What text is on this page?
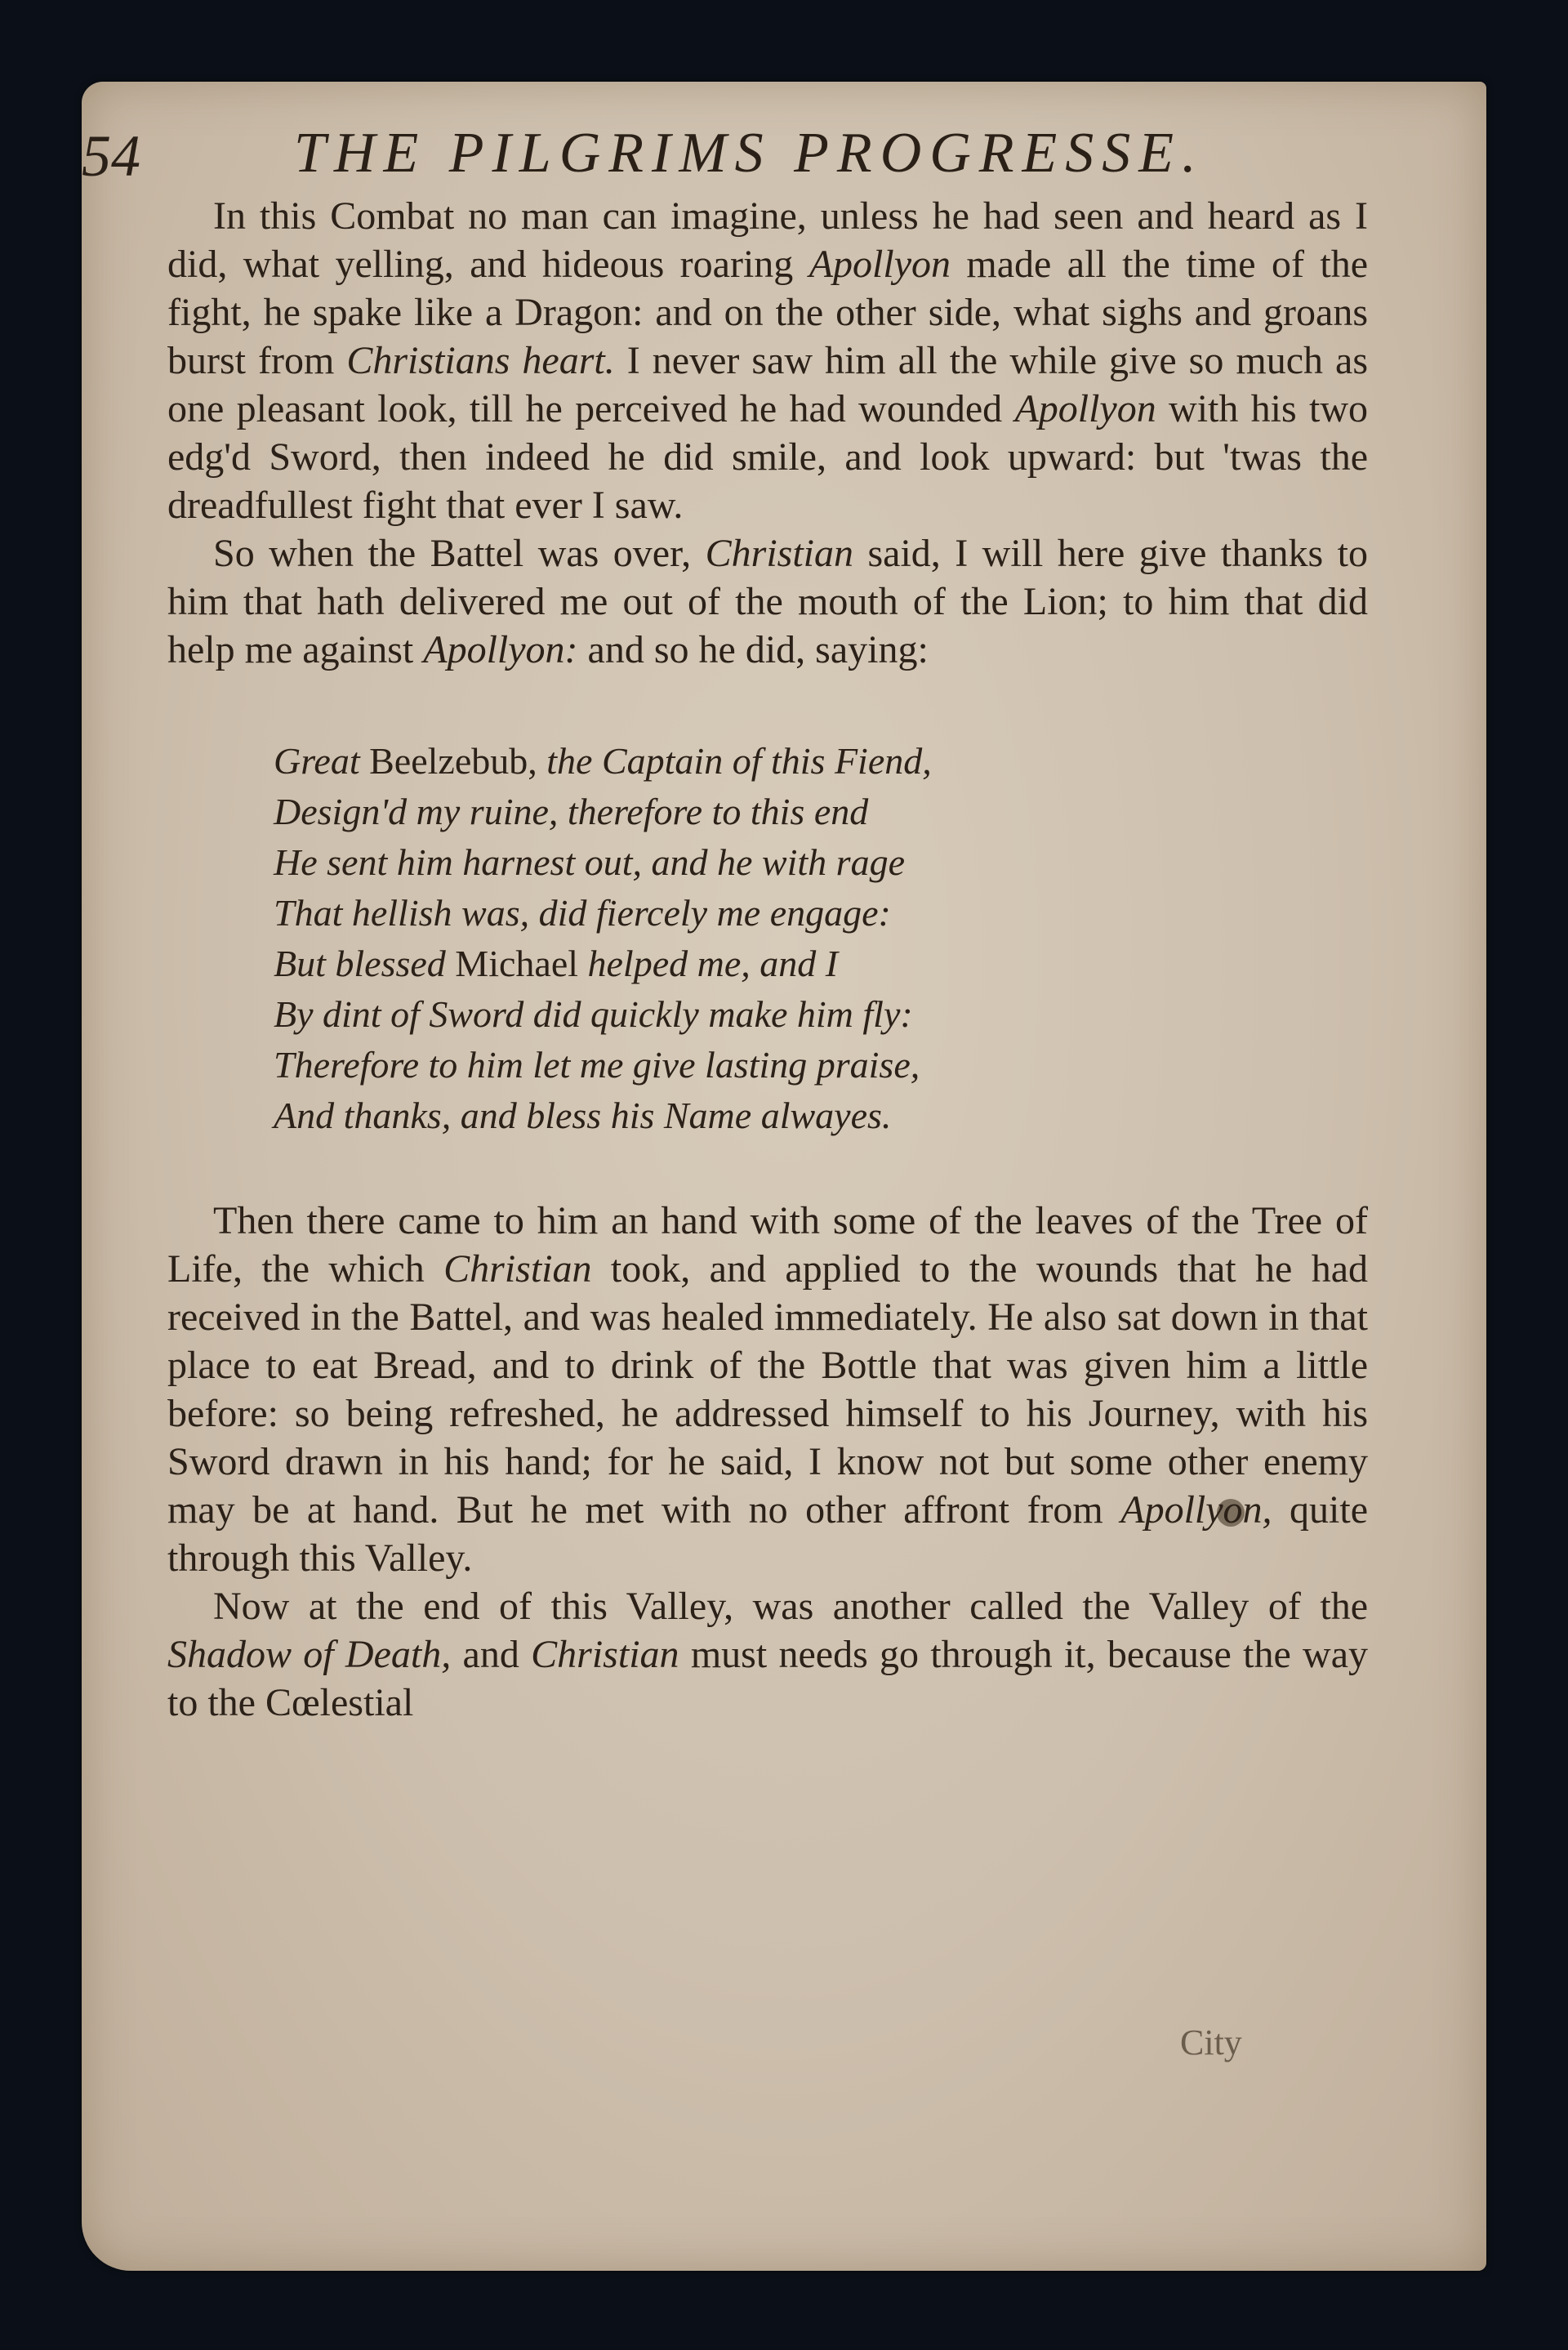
54	THE PILGRIMS PROGRESSE.

In this Combat no man can imagine, unless he had seen and heard as I did, what yelling, and hideous roaring Apollyon made all the time of the fight, he spake like a Dragon: and on the other side, what sighs and groans burst from Christians heart. I never saw him all the while give so much as one pleasant look, till he perceived he had wounded Apollyon with his two edg'd Sword, then indeed he did smile, and look upward: but 'twas the dreadfullest fight that ever I saw.

So when the Battel was over, Christian said, I will here give thanks to him that hath delivered me out of the mouth of the Lion; to him that did help me against Apollyon: and so he did, saying:

Great Beelzebub, the Captain of this Fiend,
Design'd my ruine, therefore to this end
He sent him harnest out, and he with rage
That hellish was, did fiercely me engage:
But blessed Michael helped me, and I
By dint of Sword did quickly make him fly:
Therefore to him let me give lasting praise,
And thanks, and bless his Name alwayes.

Then there came to him an hand with some of the leaves of the Tree of Life, the which Christian took, and applied to the wounds that he had received in the Battel, and was healed immediately. He also sat down in that place to eat Bread, and to drink of the Bottle that was given him a little before: so being refreshed, he addressed himself to his Journey, with his Sword drawn in his hand; for he said, I know not but some other enemy may be at hand. But he met with no other affront from Apollyon, quite through this Valley.

Now at the end of this Valley, was another called the Valley of the Shadow of Death, and Christian must needs go through it, because the way to the Cœlestial

City
